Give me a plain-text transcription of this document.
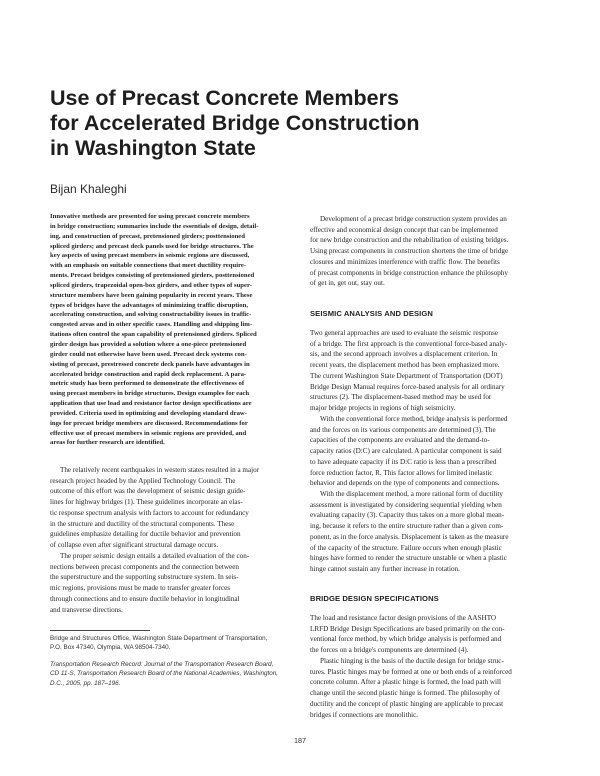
Use of Precast Concrete Members
for Accelerated Bridge Construction
in Washington State

Bijan Khaleghi

Innovative methods are presented for using precast concrete members
in bridge construction; summaries include the essentials of design, detail-
ing, and construction of precast, pretensioned girders; posttensioned
spliced girders; and precast deck panels used for bridge structures. The
key aspects of using precast members in seismic regions are discussed,
with an emphasis on suitable connections that meet ductility require-
ments. Precast bridges consisting of pretensioned girders, posttensioned
spliced girders, trapezoidal open-box girders, and other types of super-
structure members have been gaining popularity in recent years. These
types of bridges have the advantages of minimizing traffic disruption,
accelerating construction, and solving constructability issues in traffic-
congested areas and in other specific cases. Handling and shipping lim-
itations often control the span capability of pretensioned girders. Spliced
girder design has provided a solution where a one-piece pretensioned
girder could not otherwise have been used. Precast deck systems con-
sisting of precast, prestressed concrete deck panels have advantages in
accelerated bridge construction and rapid deck replacement. A para-
metric study has been performed to demonstrate the effectiveness of
using precast members in bridge structures. Design examples for each
application that use load and resistance factor design specifications are
provided. Criteria used in optimizing and developing standard draw-
ings for precast bridge members are discussed. Recommendations for
effective use of precast members in seismic regions are provided, and
areas for further research are identified.
The relatively recent earthquakes in western states resulted in a major
research project headed by the Applied Technology Council. The
outcome of this effort was the development of seismic design guide-
lines for highway bridges (1). These guidelines incorporate an elas-
tic response spectrum analysis with factors to account for redundancy
in the structure and ductility of the structural components. These
guidelines emphasize detailing for ductile behavior and prevention
of collapse even after significant structural damage occurs.
The proper seismic design entails a detailed evaluation of the con-
nections between precast components and the connection between
the superstructure and the supporting substructure system. In seis-
mic regions, provisions must be made to transfer greater forces
through connections and to ensure ductile behavior in longitudinal
and transverse directions.
Bridge and Structures Office, Washington State Department of Transportation,
P.O. Box 47340, Olympia, WA 98504-7340.
Transportation Research Record: Journal of the Transportation Research Board,
CD 11-S, Transportation Research Board of the National Academies, Washington,
D.C., 2005, pp. 187–196.
Development of a precast bridge construction system provides an
effective and economical design concept that can be implemented
for new bridge construction and the rehabilitation of existing bridges.
Using precast components in construction shortens the time of bridge
closures and minimizes interference with traffic flow. The benefits
of precast components in bridge construction enhance the philosophy
of get in, get out, stay out.
SEISMIC ANALYSIS AND DESIGN
Two general approaches are used to evaluate the seismic response
of a bridge. The first approach is the conventional force-based analy-
sis, and the second approach involves a displacement criterion. In
recent years, the displacement method has been emphasized more.
The current Washington State Department of Transportation (DOT)
Bridge Design Manual requires force-based analysis for all ordinary
structures (2). The displacement-based method may be used for
major bridge projects in regions of high seismicity.
With the conventional force method, bridge analysis is performed
and the forces on its various components are determined (3). The
capacities of the components are evaluated and the demand-to-
capacity ratios (D:C) are calculated. A particular component is said
to have adequate capacity if its D:C ratio is less than a prescribed
force reduction factor, R. This factor allows for limited inelastic
behavior and depends on the type of components and connections.
With the displacement method, a more rational form of ductility
assessment is investigated by considering sequential yielding when
evaluating capacity (3). Capacity thus takes on a more global mean-
ing, because it refers to the entire structure rather than a given com-
ponent, as in the force analysis. Displacement is taken as the measure
of the capacity of the structure. Failure occurs when enough plastic
hinges have formed to render the structure unstable or when a plastic
hinge cannot sustain any further increase in rotation.
BRIDGE DESIGN SPECIFICATIONS
The load and resistance factor design provisions of the AASHTO
LRFD Bridge Design Specifications are based primarily on the con-
ventional force method, by which bridge analysis is performed and
the forces on a bridge's components are determined (4).
Plastic hinging is the basis of the ductile design for bridge struc-
tures. Plastic hinges may be formed at one or both ends of a reinforced
concrete column. After a plastic hinge is formed, the load path will
change until the second plastic hinge is formed. The philosophy of
ductility and the concept of plastic hinging are applicable to precast
bridges if connections are monolithic.

187
